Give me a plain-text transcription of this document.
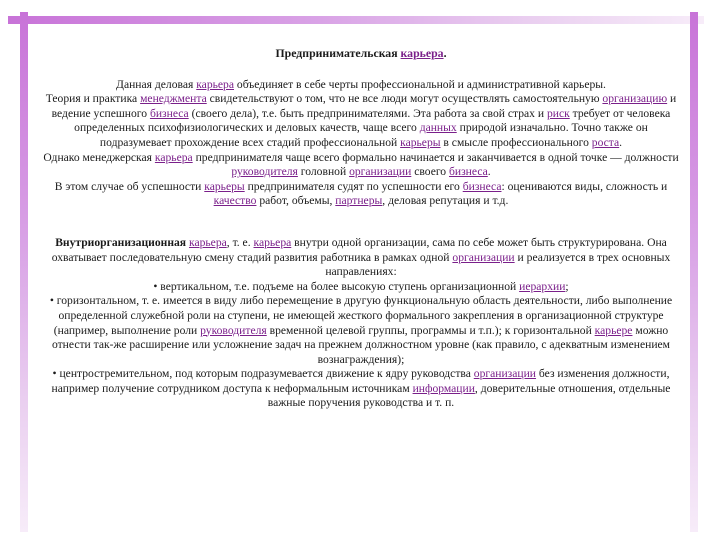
Предпринимательская карьера.

Данная деловая карьера объединяет в себе черты профессиональной и административной карьеры.

Теория и практика менеджмента свидетельствуют о том, что не все люди могут осуществлять самостоятельную организацию и ведение успешного бизнеса (своего дела), т.е. быть предпринимателями. Эта работа за свой страх и риск требует от человека определенных психофизиологических и деловых качеств, чаще всего данных природой изначально. Точно также он подразумевает прохождение всех стадий профессиональной карьеры в смысле профессионального роста.

Однако менеджерская карьера предпринимателя чаще всего формально начинается и заканчивается в одной точке — должности руководителя головной организации своего бизнеса.

В этом случае об успешности карьеры предпринимателя судят по успешности его бизнеса: оцениваются виды, сложность и качество работ, объемы, партнеры, деловая репутация и т.д.

Внутриорганизационная карьера, т. е. карьера внутри одной организации, сама по себе может быть структурирована. Она охватывает последовательную смену стадий развития работника в рамках одной организации и реализуется в трех основных направлениях:

• вертикальном, т.е. подъеме на более высокую ступень организационной иерархии;

• горизонтальном, т. е. имеется в виду либо перемещение в другую функциональную область деятельности, либо выполнение определенной служебной роли на ступени, не имеющей жесткого формального закрепления в организационной структуре (например, выполнение роли руководителя временной целевой группы, программы и т.п.); к горизонтальной карьере можно отнести так-же расширение или усложнение задач на прежнем должностном уровне (как правило, с адекватным изменением вознаграждения);

• центростремительном, под которым подразумевается движение к ядру руководства организации без изменения должности, например получение сотрудником доступа к неформальным источникам информации, доверительные отношения, отдельные важные поручения руководства и т. п.
